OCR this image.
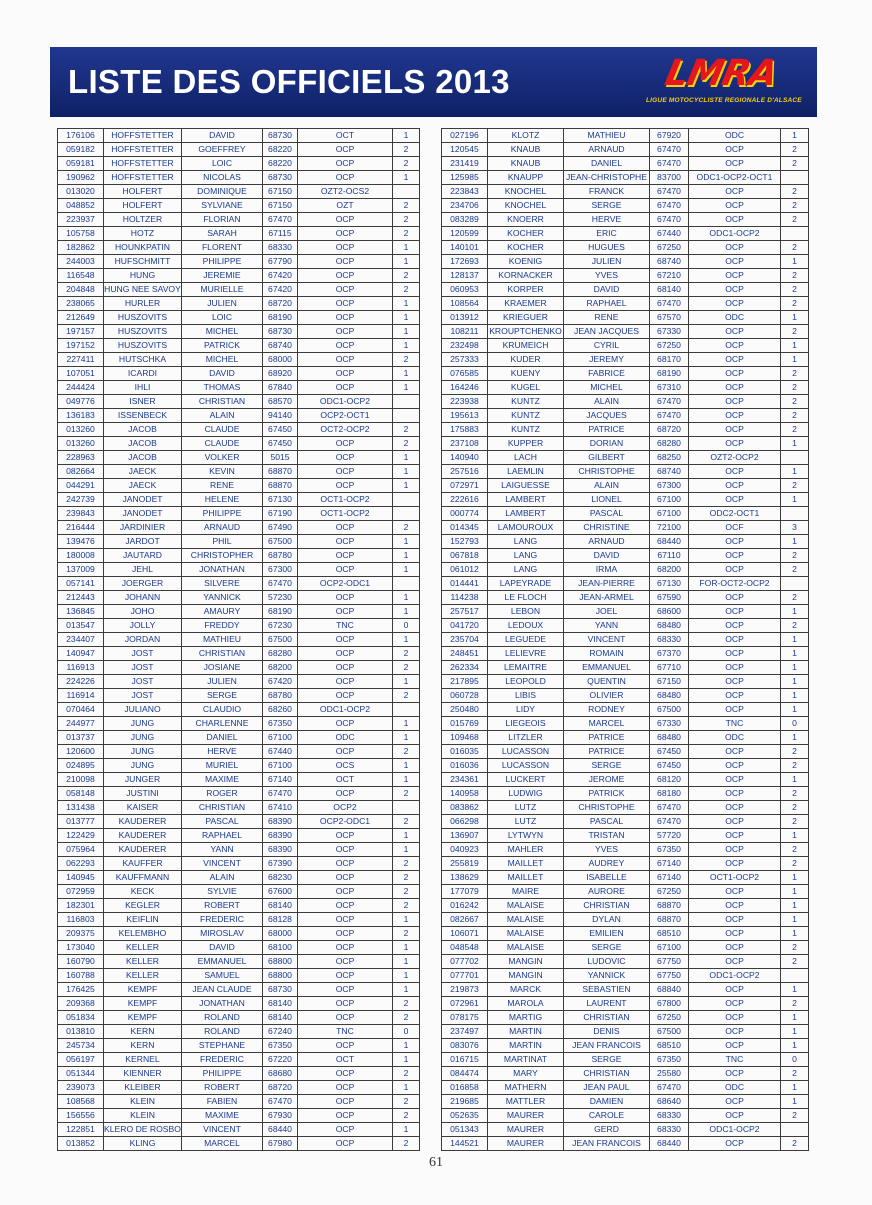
LISTE DES OFFICIELS 2013	LMRA
LIGUE MOTOCYCLISTE REGIONALE D'ALSACE
176106	HOFFSTETTER	DAVID	68730	OCT	1
059182	HOFFSTETTER	GOEFFREY	68220	OCP	2
059181	HOFFSTETTER	LOIC	68220	OCP	2
190962	HOFFSTETTER	NICOLAS	68730	OCP	1
013020	HOLFERT	DOMINIQUE	67150	OZT2-OCS2	
048852	HOLFERT	SYLVIANE	67150	OZT	2
223937	HOLTZER	FLORIAN	67470	OCP	2
105758	HOTZ	SARAH	67115	OCP	2
182862	HOUNKPATIN	FLORENT	68330	OCP	1
244003	HUFSCHMITT	PHILIPPE	67790	OCP	1
116548	HUNG	JEREMIE	67420	OCP	2
204848	HUNG NEE SAVOY	MURIELLE	67420	OCP	2
238065	HURLER	JULIEN	68720	OCP	1
212649	HUSZOVITS	LOIC	68190	OCP	1
197157	HUSZOVITS	MICHEL	68730	OCP	1
197152	HUSZOVITS	PATRICK	68740	OCP	1
227411	HUTSCHKA	MICHEL	68000	OCP	2
107051	ICARDI	DAVID	68920	OCP	1
244424	IHLI	THOMAS	67840	OCP	1
049776	ISNER	CHRISTIAN	68570	ODC1-OCP2	
136183	ISSENBECK	ALAIN	94140	OCP2-OCT1	
013260	JACOB	CLAUDE	67450	OCT2-OCP2	2
013260	JACOB	CLAUDE	67450	OCP	2
228963	JACOB	VOLKER	5015	OCP	1
082664	JAECK	KEVIN	68870	OCP	1
044291	JAECK	RENE	68870	OCP	1
242739	JANODET	HELENE	67130	OCT1-OCP2	
239843	JANODET	PHILIPPE	67190	OCT1-OCP2	
216444	JARDINIER	ARNAUD	67490	OCP	2
139476	JARDOT	PHIL	67500	OCP	1
180008	JAUTARD	CHRISTOPHER	68780	OCP	1
137009	JEHL	JONATHAN	67300	OCP	1
057141	JOERGER	SILVERE	67470	OCP2-ODC1	
212443	JOHANN	YANNICK	57230	OCP	1
136845	JOHO	AMAURY	68190	OCP	1
013547	JOLLY	FREDDY	67230	TNC	0
234407	JORDAN	MATHIEU	67500	OCP	1
140947	JOST	CHRISTIAN	68280	OCP	2
116913	JOST	JOSIANE	68200	OCP	2
224226	JOST	JULIEN	67420	OCP	1
116914	JOST	SERGE	68780	OCP	2
070464	JULIANO	CLAUDIO	68260	ODC1-OCP2	
244977	JUNG	CHARLENNE	67350	OCP	1
013737	JUNG	DANIEL	67100	ODC	1
120600	JUNG	HERVE	67440	OCP	2
024895	JUNG	MURIEL	67100	OCS	1
210098	JUNGER	MAXIME	67140	OCT	1
058148	JUSTINI	ROGER	67470	OCP	2
131438	KAISER	CHRISTIAN	67410	OCP2	
013777	KAUDERER	PASCAL	68390	OCP2-ODC1	2
122429	KAUDERER	RAPHAEL	68390	OCP	1
075964	KAUDERER	YANN	68390	OCP	1
062293	KAUFFER	VINCENT	67390	OCP	2
140945	KAUFFMANN	ALAIN	68230	OCP	2
072959	KECK	SYLVIE	67600	OCP	2
182301	KEGLER	ROBERT	68140	OCP	2
116803	KEIFLIN	FREDERIC	68128	OCP	1
209375	KELEMBHO	MIROSLAV	68000	OCP	2
173040	KELLER	DAVID	68100	OCP	1
160790	KELLER	EMMANUEL	68800	OCP	1
160788	KELLER	SAMUEL	68800	OCP	1
176425	KEMPF	JEAN CLAUDE	68730	OCP	1
209368	KEMPF	JONATHAN	68140	OCP	2
051834	KEMPF	ROLAND	68140	OCP	2
013810	KERN	ROLAND	67240	TNC	0
245734	KERN	STEPHANE	67350	OCP	1
056197	KERNEL	FREDERIC	67220	OCT	1
051344	KIENNER	PHILIPPE	68680	OCP	2
239073	KLEIBER	ROBERT	68720	OCP	1
108568	KLEIN	FABIEN	67470	OCP	2
156556	KLEIN	MAXIME	67930	OCP	2
122851	KLERO DE ROSBO	VINCENT	68440	OCP	1
013852	KLING	MARCEL	67980	OCP	2
027196	KLOTZ	MATHIEU	67920	ODC	1
120545	KNAUB	ARNAUD	67470	OCP	2
231419	KNAUB	DANIEL	67470	OCP	2
125985	KNAUPP	JEAN-CHRISTOPHE	83700	ODC1-OCP2-OCT1	
223843	KNOCHEL	FRANCK	67470	OCP	2
234706	KNOCHEL	SERGE	67470	OCP	2
083289	KNOERR	HERVE	67470	OCP	2
120599	KOCHER	ERIC	67440	ODC1-OCP2	
140101	KOCHER	HUGUES	67250	OCP	2
172693	KOENIG	JULIEN	68740	OCP	1
128137	KORNACKER	YVES	67210	OCP	2
060953	KORPER	DAVID	68140	OCP	2
108564	KRAEMER	RAPHAEL	67470	OCP	2
013912	KRIEGUER	RENE	67570	ODC	1
108211	KROUPTCHENKO	JEAN JACQUES	67330	OCP	2
232498	KRUMEICH	CYRIL	67250	OCP	1
257333	KUDER	JEREMY	68170	OCP	1
076585	KUENY	FABRICE	68190	OCP	2
164246	KUGEL	MICHEL	67310	OCP	2
223938	KUNTZ	ALAIN	67470	OCP	2
195613	KUNTZ	JACQUES	67470	OCP	2
175883	KUNTZ	PATRICE	68720	OCP	2
237108	KUPPER	DORIAN	68280	OCP	1
140940	LACH	GILBERT	68250	OZT2-OCP2	
257516	LAEMLIN	CHRISTOPHE	68740	OCP	1
072971	LAIGUESSE	ALAIN	67300	OCP	2
222616	LAMBERT	LIONEL	67100	OCP	1
000774	LAMBERT	PASCAL	67100	ODC2-OCT1	
014345	LAMOUROUX	CHRISTINE	72100	OCF	3
152793	LANG	ARNAUD	68440	OCP	1
067818	LANG	DAVID	67110	OCP	2
061012	LANG	IRMA	68200	OCP	2
014441	LAPEYRADE	JEAN-PIERRE	67130	FOR-OCT2-OCP2	
114238	LE FLOCH	JEAN-ARMEL	67590	OCP	2
257517	LEBON	JOEL	68600	OCP	1
041720	LEDOUX	YANN	68480	OCP	2
235704	LEGUEDE	VINCENT	68330	OCP	1
248451	LELIEVRE	ROMAIN	67370	OCP	1
262334	LEMAITRE	EMMANUEL	67710	OCP	1
217895	LEOPOLD	QUENTIN	67150	OCP	1
060728	LIBIS	OLIVIER	68480	OCP	1
250480	LIDY	RODNEY	67500	OCP	1
015769	LIEGEOIS	MARCEL	67330	TNC	0
109468	LITZLER	PATRICE	68480	ODC	1
016035	LUCASSON	PATRICE	67450	OCP	2
016036	LUCASSON	SERGE	67450	OCP	2
234361	LUCKERT	JEROME	68120	OCP	1
140958	LUDWIG	PATRICK	68180	OCP	2
083862	LUTZ	CHRISTOPHE	67470	OCP	2
066298	LUTZ	PASCAL	67470	OCP	2
136907	LYTWYN	TRISTAN	57720	OCP	1
040923	MAHLER	YVES	67350	OCP	2
255819	MAILLET	AUDREY	67140	OCP	2
138629	MAILLET	ISABELLE	67140	OCT1-OCP2	1
177079	MAIRE	AURORE	67250	OCP	1
016242	MALAISE	CHRISTIAN	68870	OCP	1
082667	MALAISE	DYLAN	68870	OCP	1
106071	MALAISE	EMILIEN	68510	OCP	1
048548	MALAISE	SERGE	67100	OCP	2
077702	MANGIN	LUDOVIC	67750	OCP	2
077701	MANGIN	YANNICK	67750	ODC1-OCP2	
219873	MARCK	SEBASTIEN	68840	OCP	1
072961	MAROLA	LAURENT	67800	OCP	2
078175	MARTIG	CHRISTIAN	67250	OCP	1
237497	MARTIN	DENIS	67500	OCP	1
083076	MARTIN	JEAN FRANCOIS	68510	OCP	1
016715	MARTINAT	SERGE	67350	TNC	0
084474	MARY	CHRISTIAN	25580	OCP	2
016858	MATHERN	JEAN PAUL	67470	ODC	1
219685	MATTLER	DAMIEN	68640	OCP	1
052635	MAURER	CAROLE	68330	OCP	2
051343	MAURER	GERD	68330	ODC1-OCP2	
144521	MAURER	JEAN FRANCOIS	68440	OCP	2
61
